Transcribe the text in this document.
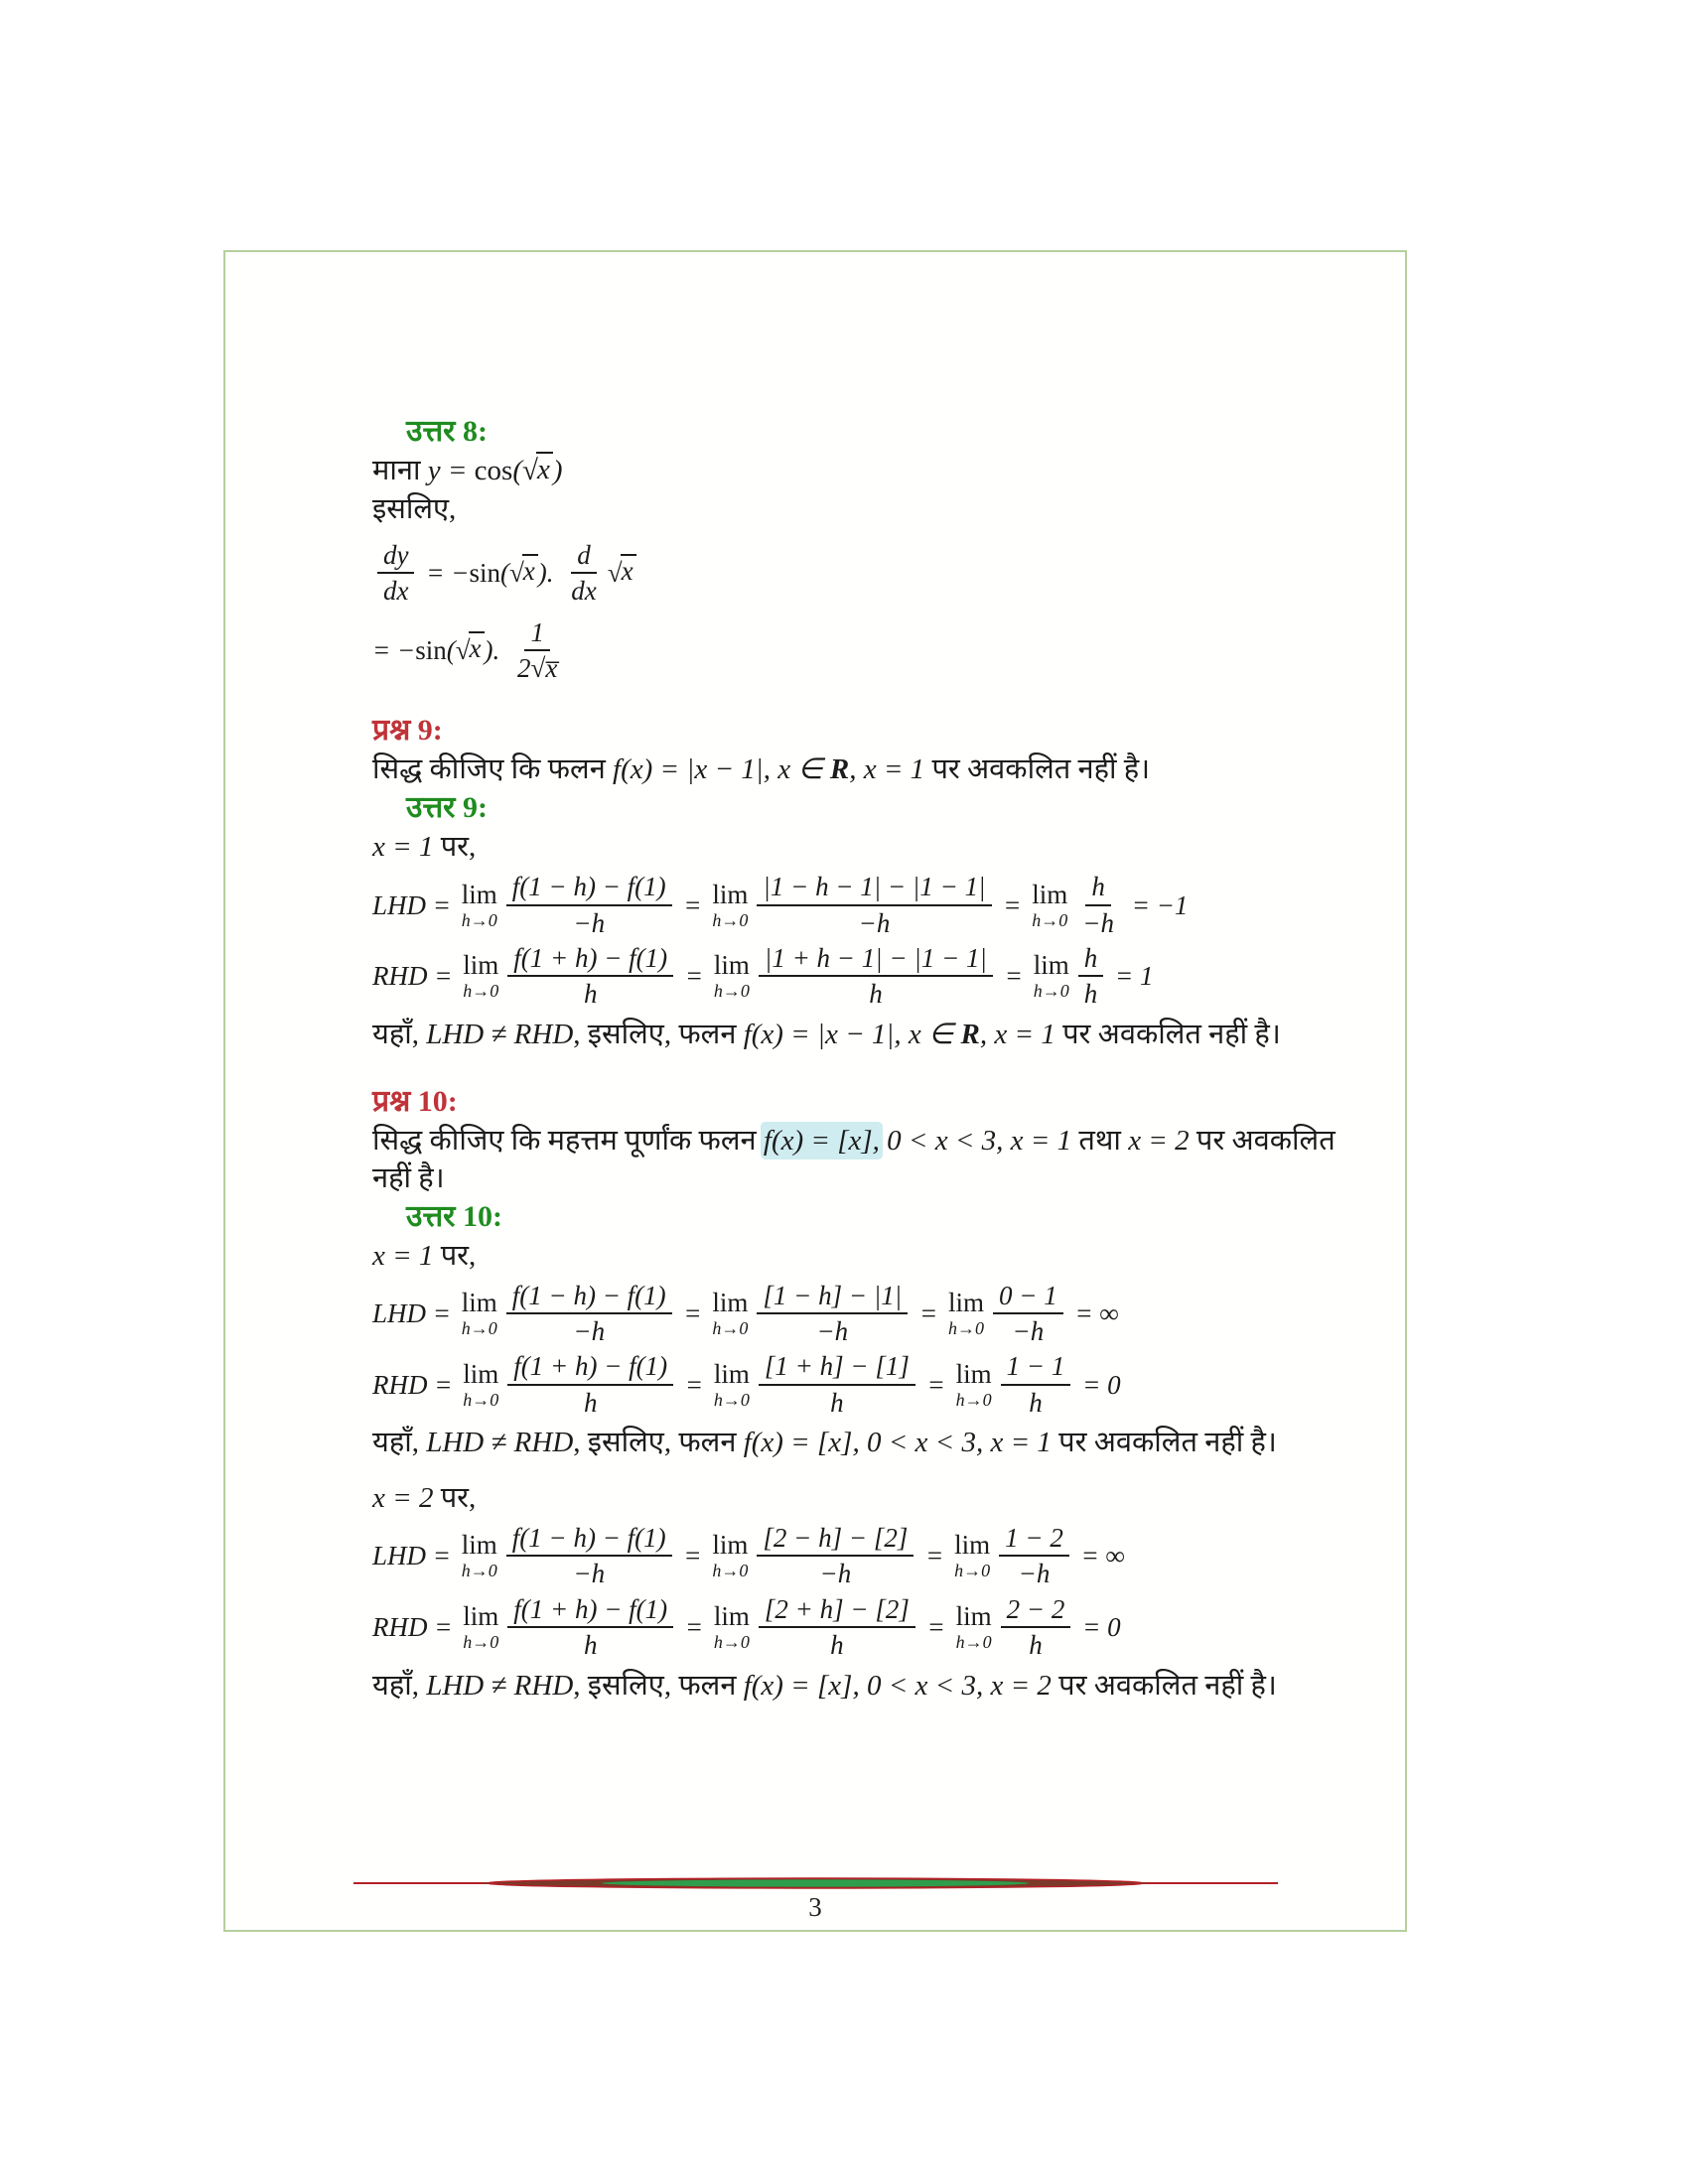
उत्तर 8:
माना y = cos( √ x )
इसलिए,
$\frac{dy}{dx}$ = − sin ( √ x ). $\frac{d}{dx}$ √ x
= − sin ( √ x ). $\frac{1}{2√x̅}$
प्रश्न 9:
सिद्ध कीजिए कि फलन f(x) = |x − 1|, x ∈ R, x = 1 पर अवकलित नहीं है।
उत्तर 9:
x = 1 पर,
LHD = lim
$h\to 0 \frac{f(1 - h) - f(1)}{-h} = \lim$
$h\to 0 \frac{|1 - h - 1| - |1 - 1|}{-h} = \lim$
$h\to 0 \frac{h}{-h} = -1$
RHD = lim
$h\to 0 \frac{f(1 + h) - f(1)}{h} = \lim$
$h\to 0 \frac{|1 + h - 1| - |1 - 1|}{h} = \lim$
$h\to 0 \frac{h}{h} = 1$
यहाँ, LHD ≠ RHD, इसलिए, फलन f(x) = |x − 1|, x ∈ R, x = 1 पर अवकलित नहीं है।
प्रश्न 10:
सिद्ध कीजिए कि महत्तम पूर्णांक फलन f(x) = [x], 0 < x < 3, x = 1 तथा x = 2 पर अवकलित नहीं है।
उत्तर 10:
x = 1 पर,
LHD = lim
$h\to 0 \frac{f(1 - h) - f(1)}{-h} = \lim$
$h\to 0 \frac{[1 - h] - |1|}{-h} = \lim$
$h\to 0 \frac{0 - 1}{-h}$ = ∞
RHD = lim
$h\to 0 \frac{f(1 + h) - f(1)}{h} = \lim$
$h\to 0 \frac{[1 + h] - [1]}{h} = \lim$
$h\to 0 \frac{1 - 1}{h} = 0$
यहाँ, LHD ≠ RHD, इसलिए, फलन f(x) = [x], 0 < x < 3, x = 1 पर अवकलित नहीं है।
x = 2 पर,
LHD = lim
$h\to 0 \frac{f(1 - h) - f(1)}{-h} = \lim$
$h\to 0 \frac{[2 - h] - [2]}{-h} = \lim$
$h\to 0 \frac{1 - 2}{-h}$ = ∞
RHD = lim
$h\to 0 \frac{f(1 + h) - f(1)}{h} = \lim$
$h\to 0 \frac{[2 + h] - [2]}{h} = \lim$
$h\to 0 \frac{2 - 2}{h} = 0$
यहाँ, LHD ≠ RHD, इसलिए, फलन f(x) = [x], 0 < x < 3, x = 2 पर अवकलित नहीं है।
3
